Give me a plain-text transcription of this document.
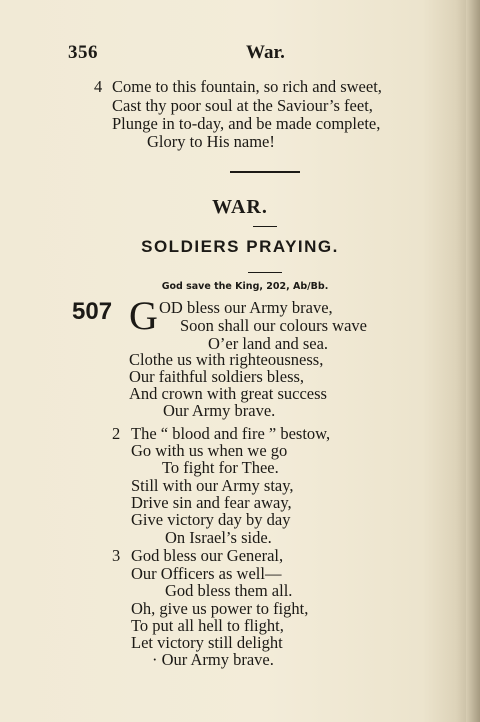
356	War.
4 Come to this fountain, so rich and sweet,
Cast thy poor soul at the Saviour’s feet,
Plunge in to-day, and be made complete,
Glory to His name!
WAR.
SOLDIERS PRAYING.
God save the King, 202, Ab/Bb.
507 G OD bless our Army brave,
Soon shall our colours wave
O’er land and sea.
Clothe us with righteousness,
Our faithful soldiers bless,
And crown with great success
Our Army brave.
2 The “ blood and fire ” bestow,
Go with us when we go
To fight for Thee.
Still with our Army stay,
Drive sin and fear away,
Give victory day by day
On Israel’s side.
3 God bless our General,
Our Officers as well—
God bless them all.
Oh, give us power to fight,
To put all hell to flight,
Let victory still delight
· Our Army brave.
